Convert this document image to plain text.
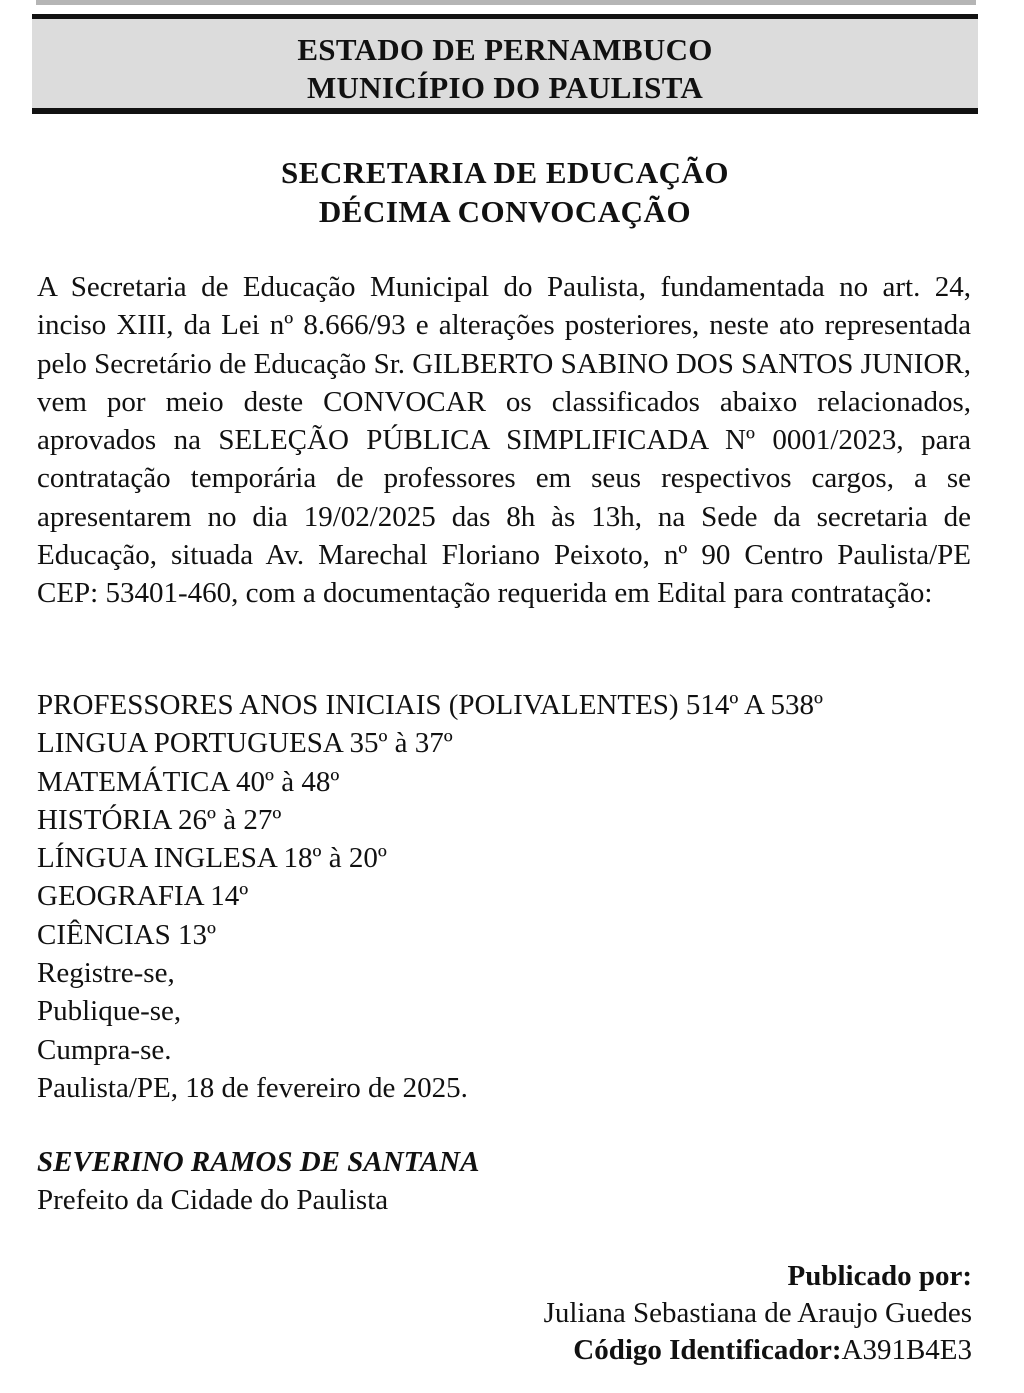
ESTADO DE PERNAMBUCO
MUNICÍPIO DO PAULISTA
SECRETARIA DE EDUCAÇÃO
DÉCIMA CONVOCAÇÃO

A Secretaria de Educação Municipal do Paulista, fundamentada no art. 24, inciso XIII, da Lei nº 8.666/93 e alterações posteriores, neste ato representada pelo Secretário de Educação Sr. GILBERTO SABINO DOS SANTOS JUNIOR, vem por meio deste CONVOCAR os classificados abaixo relacionados, aprovados na SELEÇÃO PÚBLICA SIMPLIFICADA Nº 0001/2023, para contratação temporária de professores em seus respectivos cargos, a se apresentarem no dia 19/02/2025 das 8h às 13h, na Sede da secretaria de Educação, situada Av. Marechal Floriano Peixoto, nº 90 Centro Paulista/PE CEP: 53401-460, com a documentação requerida em Edital para contratação:

PROFESSORES ANOS INICIAIS (POLIVALENTES) 514º A 538º
LINGUA PORTUGUESA 35º à 37º
MATEMÁTICA 40º à 48º
HISTÓRIA 26º à 27º
LÍNGUA INGLESA 18º à 20º
GEOGRAFIA 14º
CIÊNCIAS 13º
Registre-se,
Publique-se,
Cumpra-se.
Paulista/PE, 18 de fevereiro de 2025.
SEVERINO RAMOS DE SANTANA
Prefeito da Cidade do Paulista
Publicado por:
Juliana Sebastiana de Araujo Guedes
Código Identificador:A391B4E3
